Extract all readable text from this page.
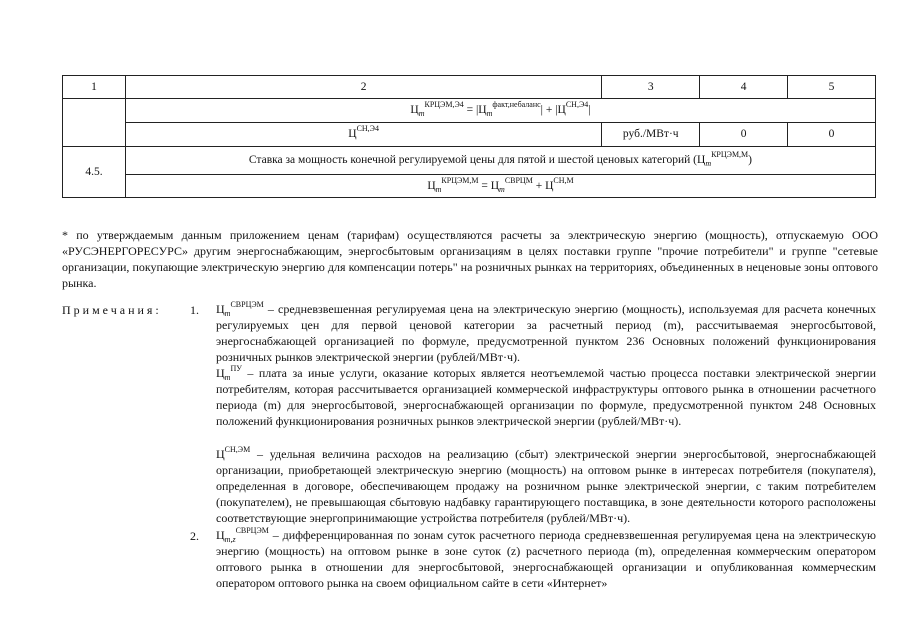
1	2	3	4	5
	$Ц_m^{КРЦЭМ,Э4} = |Ц_m^{факт,небаланс}| + |Ц^{СН,Э4}|$			
	$Ц^{СН,Э4}$	руб./МВт·ч	0	0
4.5.	Ставка за мощность конечной регулируемой цены для пятой и шестой ценовых категорий $(Ц_m^{КРЦЭМ,М})$			
	$Ц_m^{КРЦЭМ,М} = Ц_m^{СВРЦМ} + Ц^{СН,М}$

* по утверждаемым данным приложением ценам (тарифам) осуществляются расчеты за электрическую энергию (мощность), отпускаемую ООО «РУСЭНЕРГОРЕСУРС» другим энергоснабжающим, энергосбытовым организациям в целях поставки группе "прочие потребители" и группе "сетевые организации, покупающие электрическую энергию для компенсации потерь" на розничных рынках на территориях, объединенных в неценовые зоны оптового рынка.

Примечания: 1. $Ц_m^{СВРЦЭМ}$ – средневзвешенная регулируемая цена на электрическую энергию (мощность), используемая для расчета конечных регулируемых цен для первой ценовой категории за расчетный период (m), рассчитываемая энергосбытовой, энергоснабжающей организацией по формуле, предусмотренной пунктом 236 Основных положений функционирования розничных рынков электрической энергии (рублей/МВт·ч).

$Ц_m^{ПУ}$ – плата за иные услуги, оказание которых является неотъемлемой частью процесса поставки электрической энергии потребителям, которая рассчитывается организацией коммерческой инфраструктуры оптового рынка в отношении расчетного периода (m) для энергосбытовой, энергоснабжающей организации по формуле, предусмотренной пунктом 248 Основных положений функционирования розничных рынков электрической энергии (рублей/МВт·ч).

$Ц^{СН,ЭМ}$ – удельная величина расходов на реализацию (сбыт) электрической энергии энергосбытовой, энергоснабжающей организации, приобретающей электрическую энергию (мощность) на оптовом рынке в интересах потребителя (покупателя), определенная в договоре, обеспечивающем продажу на розничном рынке электрической энергии, с таким потребителем (покупателем), не превышающая сбытовую надбавку гарантирующего поставщика, в зоне деятельности которого расположены соответствующие энергопринимающие устройства потребителя (рублей/МВт·ч).

2. $Ц_{m,z}^{СВРЦЭМ}$ – дифференцированная по зонам суток расчетного периода средневзвешенная регулируемая цена на электрическую энергию (мощность) на оптовом рынке в зоне суток (z) расчетного периода (m), определенная коммерческим оператором оптового рынка в отношении для энергосбытовой, энергоснабжающей организации и опубликованная коммерческим оператором оптового рынка на своем официальном сайте в сети «Интернет»
